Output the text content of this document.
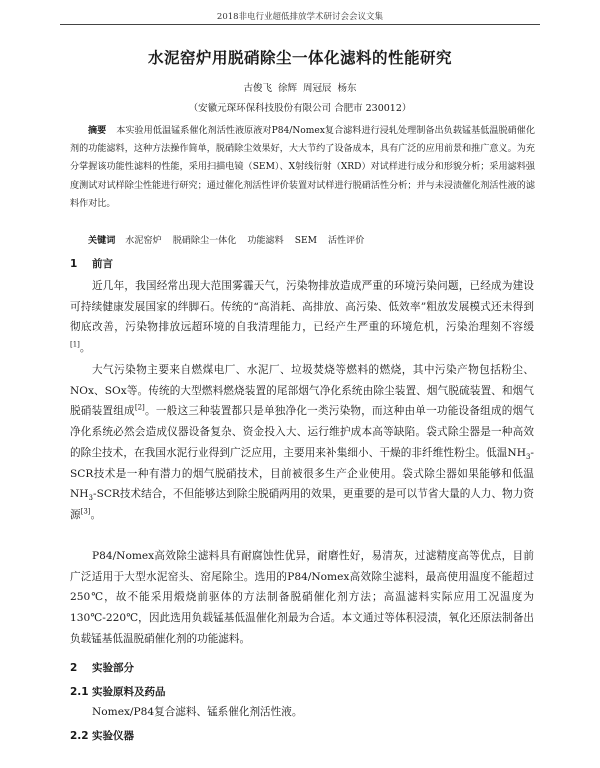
2018非电行业超低排放学术研讨会会议文集
水泥窑炉用脱硝除尘一体化滤料的性能研究
古俊飞 徐辉 周冠辰 杨东
（安徽元琛环保科技股份有限公司 合肥市 230012）
摘要 本实验用低温锰系催化剂活性液原液对P84/Nomex复合滤料进行浸轧处理制备出负载锰基低温脱硝催化剂的功能滤料，这种方法操作简单，脱硝除尘效果好，大大节约了设备成本，具有广泛的应用前景和推广意义。为充分掌握该功能性滤料的性能，采用扫描电镜（SEM）、X射线衍射（XRD）对试样进行成分和形貌分析；采用滤料强度测试对试样除尘性能进行研究；通过催化剂活性评价装置对试样进行脱硝活性分析；并与未浸渍催化剂活性液的滤料作对比。
关键词 水泥窑炉 脱硝除尘一体化 功能滤料 SEM 活性评价
1 前言
近几年，我国经常出现大范围雾霾天气，污染物排放造成严重的环境污染问题，已经成为建设可持续健康发展国家的绊脚石。传统的“高消耗、高排放、高污染、低效率”粗放发展模式还未得到彻底改善，污染物排放远超环境的自我清理能力，已经产生严重的环境危机，污染治理刻不容缓[1]。
大气污染物主要来自燃煤电厂、水泥厂、垃圾焚烧等燃料的燃烧，其中污染产物包括粉尘、NOx、SOx等。传统的大型燃料燃烧装置的尾部烟气净化系统由除尘装置、烟气脱硫装置、和烟气脱硝装置组成[2]。一般这三种装置都只是单独净化一类污染物，而这种由单一功能设备组成的烟气净化系统必然会造成仪器设备复杂、资金投入大、运行维护成本高等缺陷。袋式除尘器是一种高效的除尘技术，在我国水泥行业得到广泛应用，主要用来补集细小、干燥的非纤维性粉尘。低温$NH_3$-SCR技术是一种有潜力的烟气脱硝技术，目前被很多生产企业使用。袋式除尘器如果能够和低温$NH_3$-SCR技术结合，不但能够达到除尘脱硝两用的效果，更重要的是可以节省大量的人力、物力资源[3]。
P84/Nomex高效除尘滤料具有耐腐蚀性优异，耐磨性好，易清灰，过滤精度高等优点，目前广泛适用于大型水泥窑头、窑尾除尘。选用的P84/Nomex高效除尘滤料，最高使用温度不能超过250℃，故不能采用煅烧前驱体的方法制备脱硝催化剂方法；高温滤料实际应用工况温度为130℃-220℃，因此选用负载锰基低温催化剂最为合适。本文通过等体积浸渍，氧化还原法制备出负载锰基低温脱硝催化剂的功能滤料。
2 实验部分
2.1 实验原料及药品
Nomex/P84复合滤料、锰系催化剂活性液。
2.2 实验仪器
